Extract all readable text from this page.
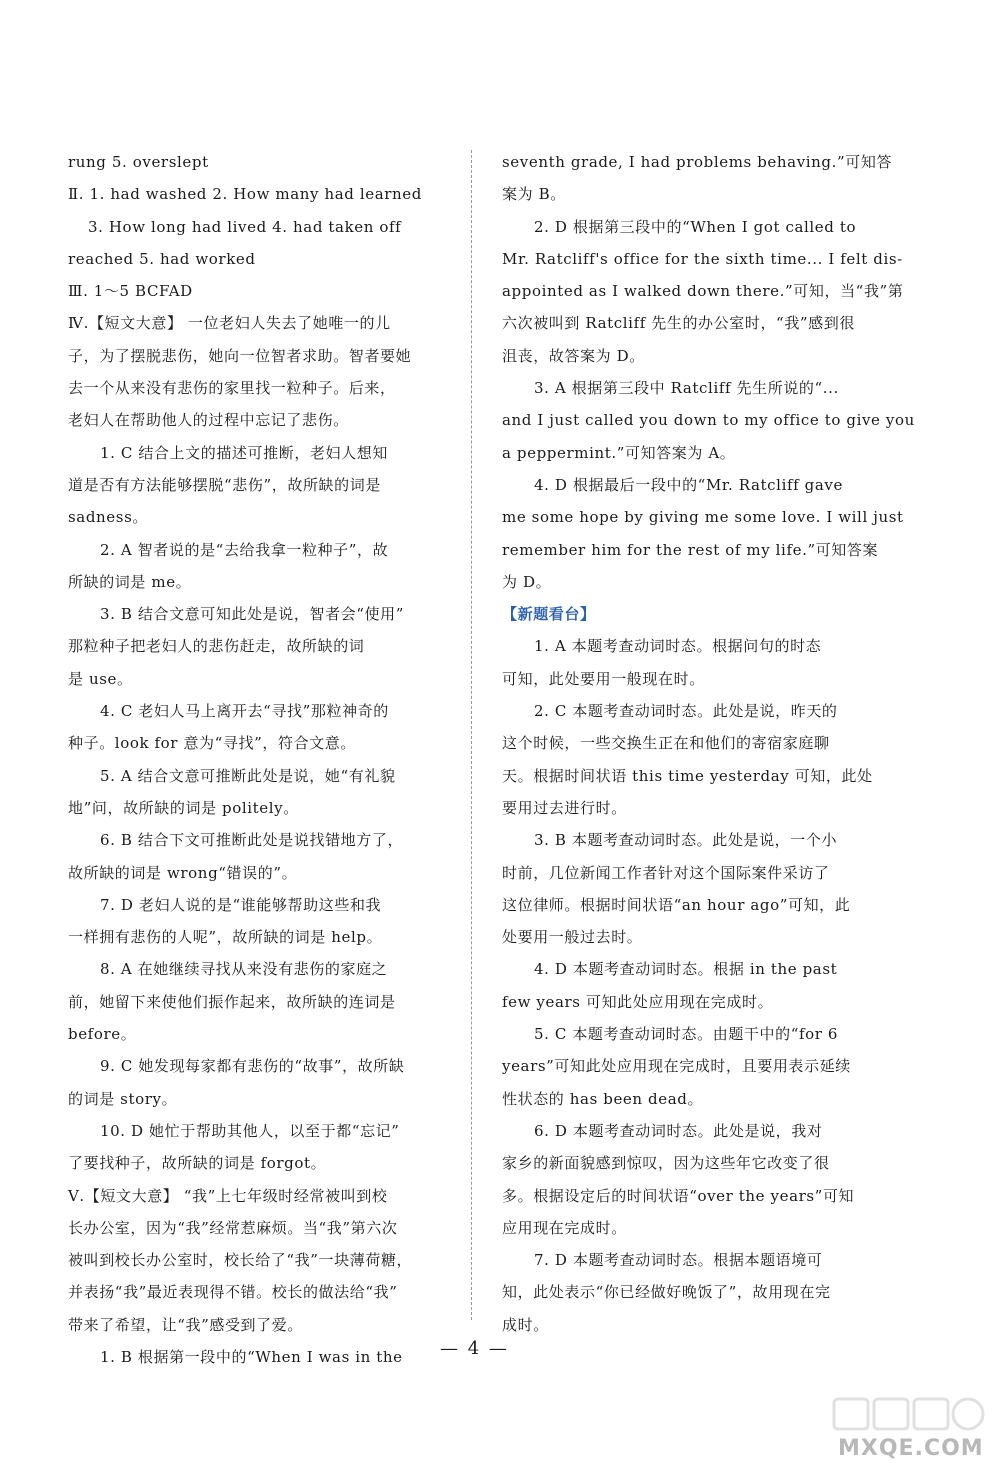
rung 5. overslept
Ⅱ. 1. had washed 2. How many had learned
3. How long had lived 4. had taken off
reached 5. had worked
Ⅲ. 1～5 BCFAD
Ⅳ.【短文大意】 一位老妇人失去了她唯一的儿
子，为了摆脱悲伤，她向一位智者求助。智者要她
去一个从来没有悲伤的家里找一粒种子。后来，
老妇人在帮助他人的过程中忘记了悲伤。
1. C 结合上文的描述可推断，老妇人想知
道是否有方法能够摆脱“悲伤”，故所缺的词是
sadness。
2. A 智者说的是“去给我拿一粒种子”，故
所缺的词是 me。
3. B 结合文意可知此处是说，智者会“使用”
那粒种子把老妇人的悲伤赶走，故所缺的词
是 use。
4. C 老妇人马上离开去“寻找”那粒神奇的
种子。look for 意为“寻找”，符合文意。
5. A 结合文意可推断此处是说，她“有礼貌
地”问，故所缺的词是 politely。
6. B 结合下文可推断此处是说找错地方了，
故所缺的词是 wrong“错误的”。
7. D 老妇人说的是“谁能够帮助这些和我
一样拥有悲伤的人呢”，故所缺的词是 help。
8. A 在她继续寻找从来没有悲伤的家庭之
前，她留下来使他们振作起来，故所缺的连词是
before。
9. C 她发现每家都有悲伤的“故事”，故所缺
的词是 story。
10. D 她忙于帮助其他人，以至于都“忘记”
了要找种子，故所缺的词是 forgot。
Ⅴ.【短文大意】 “我”上七年级时经常被叫到校
长办公室，因为“我”经常惹麻烦。当“我”第六次
被叫到校长办公室时，校长给了“我”一块薄荷糖，
并表扬“我”最近表现得不错。校长的做法给“我”
带来了希望，让“我”感受到了爱。
1. B 根据第一段中的“When I was in the
seventh grade, I had problems behaving.”可知答
案为 B。
2. D 根据第三段中的“When I got called to
Mr. Ratcliff's office for the sixth time... I felt dis-
appointed as I walked down there.”可知，当“我”第
六次被叫到 Ratcliff 先生的办公室时，“我”感到很
沮丧，故答案为 D。
3. A 根据第三段中 Ratcliff 先生所说的“...
and I just called you down to my office to give you
a peppermint.”可知答案为 A。
4. D 根据最后一段中的“Mr. Ratcliff gave
me some hope by giving me some love. I will just
remember him for the rest of my life.”可知答案
为 D。
【新题看台】
1. A 本题考查动词时态。根据问句的时态
可知，此处要用一般现在时。
2. C 本题考查动词时态。此处是说，昨天的
这个时候，一些交换生正在和他们的寄宿家庭聊
天。根据时间状语 this time yesterday 可知，此处
要用过去进行时。
3. B 本题考查动词时态。此处是说，一个小
时前，几位新闻工作者针对这个国际案件采访了
这位律师。根据时间状语“an hour ago”可知，此
处要用一般过去时。
4. D 本题考查动词时态。根据 in the past
few years 可知此处应用现在完成时。
5. C 本题考查动词时态。由题干中的“for 6
years”可知此处应用现在完成时，且要用表示延续
性状态的 has been dead。
6. D 本题考查动词时态。此处是说，我对
家乡的新面貌感到惊叹，因为这些年它改变了很
多。根据设定后的时间状语“over the years”可知
应用现在完成时。
7. D 本题考查动词时态。根据本题语境可
知，此处表示“你已经做好晚饭了”，故用现在完
成时。
— 4 —
MXQE.COM
